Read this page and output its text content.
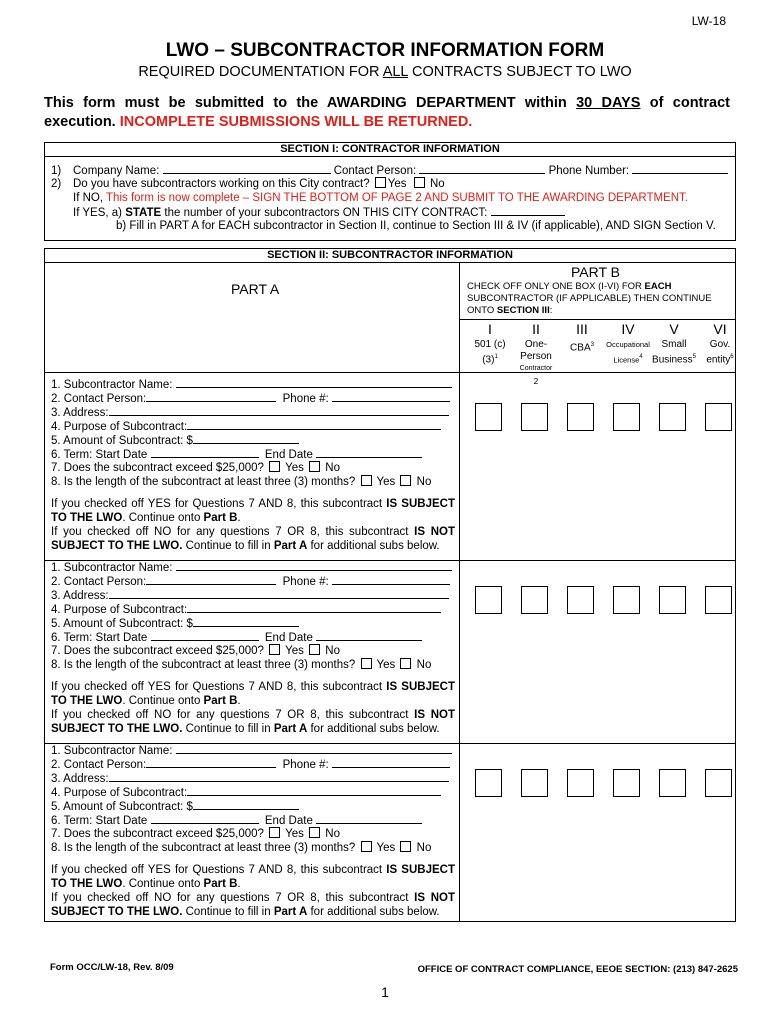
LW-18
LWO – SUBCONTRACTOR INFORMATION FORM
REQUIRED DOCUMENTATION FOR ALL CONTRACTS SUBJECT TO LWO
This form must be submitted to the AWARDING DEPARTMENT within 30 DAYS of contract execution. INCOMPLETE SUBMISSIONS WILL BE RETURNED.
SECTION I: CONTRACTOR INFORMATION
1) Company Name:	Contact Person:	Phone Number:
2) Do you have subcontractors working on this City contract? Yes No
If NO, This form is now complete – SIGN THE BOTTOM OF PAGE 2 AND SUBMIT TO THE AWARDING DEPARTMENT.
If YES, a) STATE the number of your subcontractors ON THIS CITY CONTRACT:
b) Fill in PART A for EACH subcontractor in Section II, continue to Section III & IV (if applicable), AND SIGN Section V.
SECTION II: SUBCONTRACTOR INFORMATION
PART A
PART B
CHECK OFF ONLY ONE BOX (I-VI) FOR EACH SUBCONTRACTOR (IF APPLICABLE) THEN CONTINUE ONTO SECTION III:
I
501 $(c)(3)^1$
II
One-Person
Contractor
$^2$
III
CBA$^3$
IV
Occupational License$^4$
V
Small Business$^5$
VI
Gov. entity$^6$
1. Subcontractor Name:
2. Contact Person:	Phone #:
3. Address:
4. Purpose of Subcontract:
5. Amount of Subcontract: $
6. Term: Start Date	End Date
7. Does the subcontract exceed $25,000? Yes No
8. Is the length of the subcontract at least three (3) months? Yes No
If you checked off YES for Questions 7 AND 8, this subcontract IS SUBJECT TO THE LWO. Continue onto Part B.
If you checked off NO for any questions 7 OR 8, this subcontract IS NOT SUBJECT TO THE LWO. Continue to fill in Part A for additional subs below.
1. Subcontractor Name:
2. Contact Person:	Phone #:
3. Address:
4. Purpose of Subcontract:
5. Amount of Subcontract: $
6. Term: Start Date	End Date
7. Does the subcontract exceed $25,000? Yes No
8. Is the length of the subcontract at least three (3) months? Yes No
If you checked off YES for Questions 7 AND 8, this subcontract IS SUBJECT TO THE LWO. Continue onto Part B.
If you checked off NO for any questions 7 OR 8, this subcontract IS NOT SUBJECT TO THE LWO. Continue to fill in Part A for additional subs below.
1. Subcontractor Name:
2. Contact Person:	Phone #:
3. Address:
4. Purpose of Subcontract:
5. Amount of Subcontract: $
6. Term: Start Date	End Date
7. Does the subcontract exceed $25,000? Yes No
8. Is the length of the subcontract at least three (3) months? Yes No
If you checked off YES for Questions 7 AND 8, this subcontract IS SUBJECT TO THE LWO. Continue onto Part B.
If you checked off NO for any questions 7 OR 8, this subcontract IS NOT SUBJECT TO THE LWO. Continue to fill in Part A for additional subs below.
Form OCC/LW-18, Rev. 8/09	OFFICE OF CONTRACT COMPLIANCE, EEOE SECTION: (213) 847-2625
1
